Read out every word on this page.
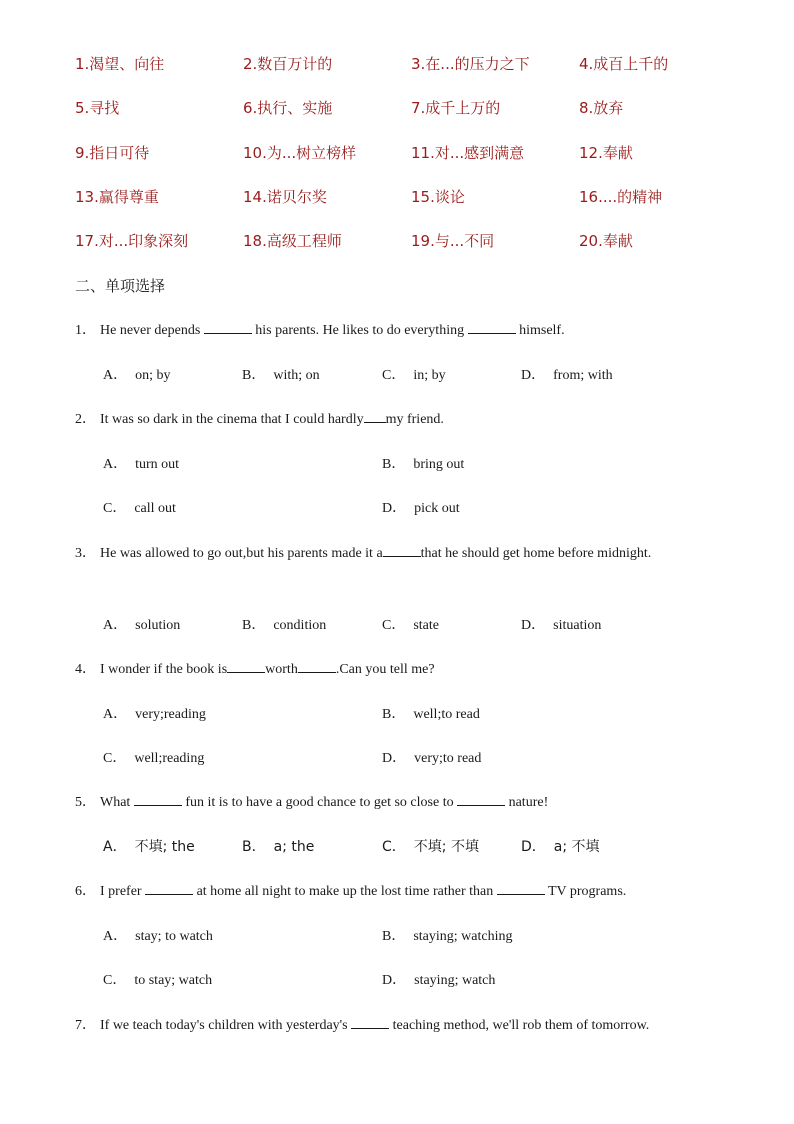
1.渴望、向往	2.数百万计的	3.在...的压力之下	4.成百上千的
5.寻找	6.执行、实施	7.成千上万的	8.放弃
9.指日可待	10.为...树立榜样	11.对...感到满意	12.奉献
13.赢得尊重	14.诺贝尔奖	15.谈论	16....的精神
17.对...印象深刻	18.高级工程师	19.与...不同	20.奉献
二、单项选择
1． He never depends	his parents. He likes to do everything	himself.
A． on; by	B． with; on	C． in; by	D． from; with
2． It was so dark in the cinema that I could hardly my friend.
A． turn out	B． bring out
C． call out	D． pick out
3． He was allowed to go out,but his parents made it a	that he should get home before midnight.
A． solution	B． condition	C． state	D． situation
4． I wonder if the book is	worth	.Can you tell me?
A． very;reading	B． well;to read
C． well;reading	D． very;to read
5． What	fun it is to have a good chance to get so close to	nature!
A． 不填; the	B． a; the	C． 不填; 不填	D． a; 不填
6． I prefer	at home all night to make up the lost time rather than	TV programs.
A． stay; to watch	B． staying; watching
C． to stay; watch	D． staying; watch
7． If we teach today's children with yesterday's	teaching method, we'll rob them of tomorrow.
